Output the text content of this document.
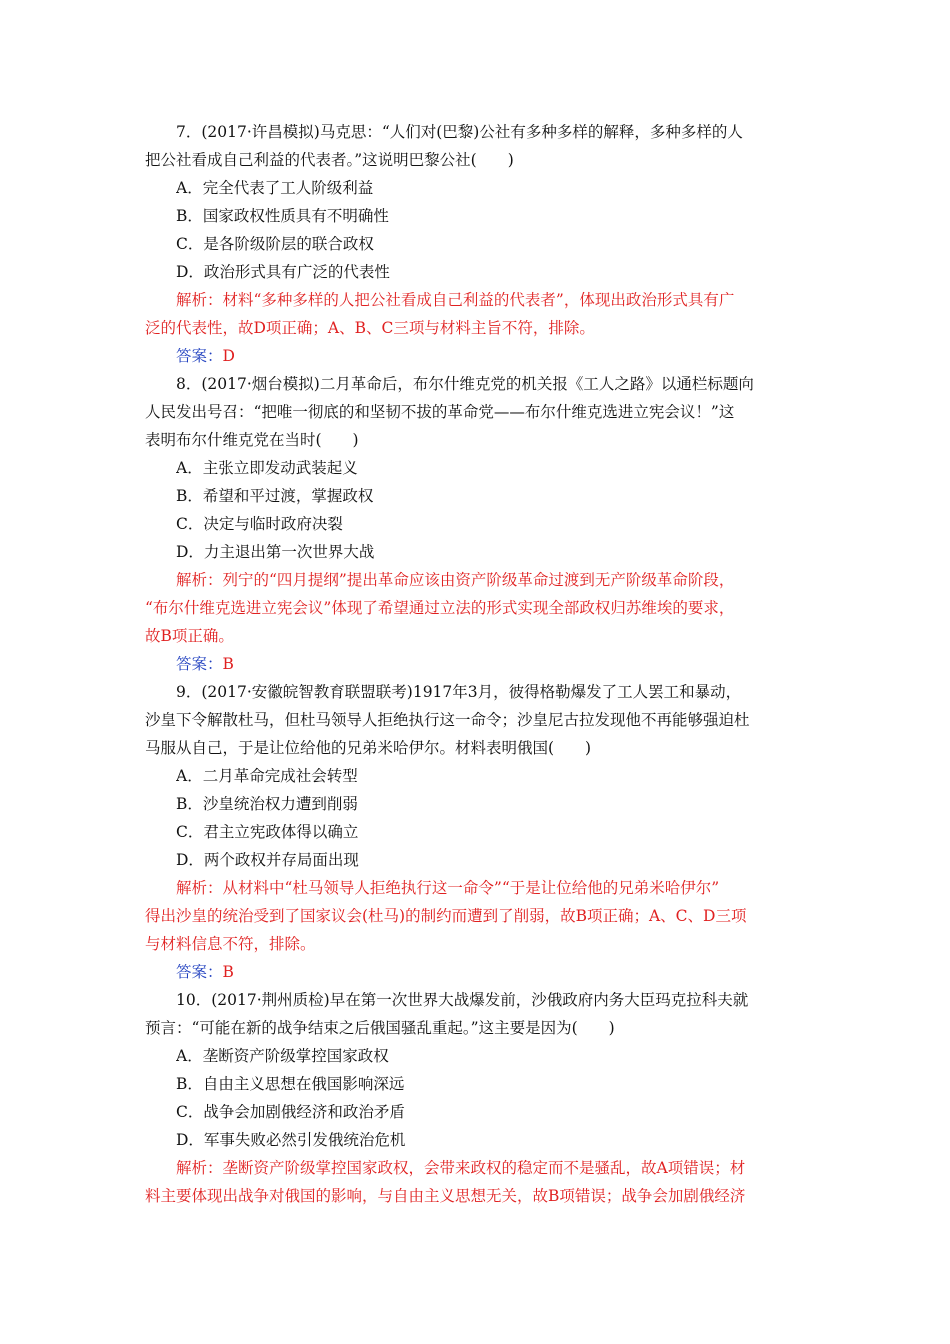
7．(2017·许昌模拟)马克思：“人们对(巴黎)公社有多种多样的解释，多种多样的人
把公社看成自己利益的代表者。”这说明巴黎公社(　　)
A．完全代表了工人阶级利益
B．国家政权性质具有不明确性
C．是各阶级阶层的联合政权
D．政治形式具有广泛的代表性
解析：材料“多种多样的人把公社看成自己利益的代表者”，体现出政治形式具有广
泛的代表性，故D项正确；A、B、C三项与材料主旨不符，排除。
答案：D
8．(2017·烟台模拟)二月革命后，布尔什维克党的机关报《工人之路》以通栏标题向
人民发出号召：“把唯一彻底的和坚韧不拔的革命党——布尔什维克选进立宪会议！”这
表明布尔什维克党在当时(　　)
A．主张立即发动武装起义
B．希望和平过渡，掌握政权
C．决定与临时政府决裂
D．力主退出第一次世界大战
解析：列宁的“四月提纲”提出革命应该由资产阶级革命过渡到无产阶级革命阶段，
“布尔什维克选进立宪会议”体现了希望通过立法的形式实现全部政权归苏维埃的要求，
故B项正确。
答案：B
9．(2017·安徽皖智教育联盟联考)1917年3月，彼得格勒爆发了工人罢工和暴动，
沙皇下令解散杜马，但杜马领导人拒绝执行这一命令；沙皇尼古拉发现他不再能够强迫杜
马服从自己，于是让位给他的兄弟米哈伊尔。材料表明俄国(　　)
A．二月革命完成社会转型
B．沙皇统治权力遭到削弱
C．君主立宪政体得以确立
D．两个政权并存局面出现
解析：从材料中“杜马领导人拒绝执行这一命令”“于是让位给他的兄弟米哈伊尔”
得出沙皇的统治受到了国家议会(杜马)的制约而遭到了削弱，故B项正确；A、C、D三项
与材料信息不符，排除。
答案：B
10．(2017·荆州质检)早在第一次世界大战爆发前，沙俄政府内务大臣玛克拉科夫就
预言：“可能在新的战争结束之后俄国骚乱重起。”这主要是因为(　　)
A．垄断资产阶级掌控国家政权
B．自由主义思想在俄国影响深远
C．战争会加剧俄经济和政治矛盾
D．军事失败必然引发俄统治危机
解析：垄断资产阶级掌控国家政权，会带来政权的稳定而不是骚乱，故A项错误；材
料主要体现出战争对俄国的影响，与自由主义思想无关，故B项错误；战争会加剧俄经济
